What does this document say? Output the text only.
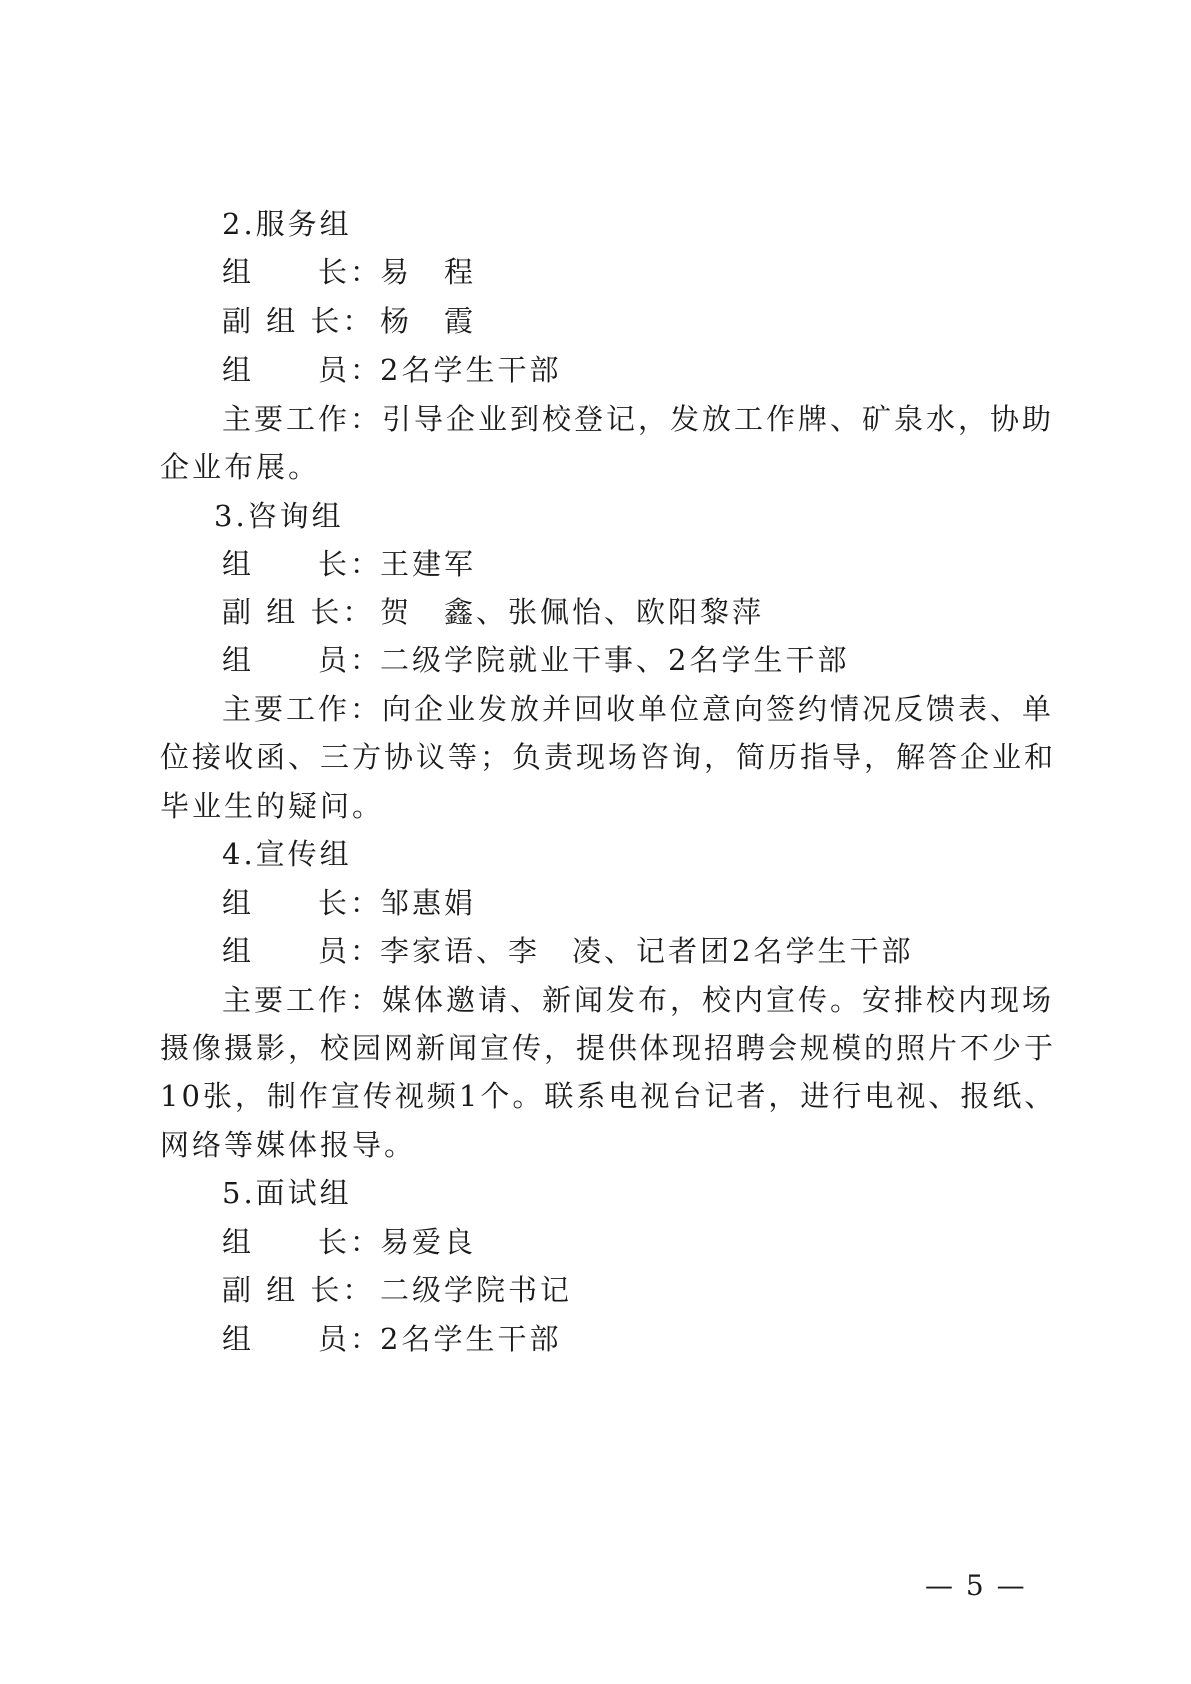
2.服务组
组　　长：易　程
副 组 长： 杨　霞
组　　员：2名学生干部
主要工作：引导企业到校登记，发放工作牌、矿泉水，协助
企业布展。
3.咨询组
组　　长：王建军
副 组 长： 贺　鑫、张佩怡、欧阳黎萍
组　　员：二级学院就业干事、2名学生干部
主要工作：向企业发放并回收单位意向签约情况反馈表、单
位接收函、三方协议等；负责现场咨询，简历指导，解答企业和
毕业生的疑问。
4.宣传组
组　　长：邹惠娟
组　　员：李家语、李　凌、记者团2名学生干部
主要工作：媒体邀请、新闻发布，校内宣传。安排校内现场
摄像摄影，校园网新闻宣传，提供体现招聘会规模的照片不少于
10张，制作宣传视频1个。联系电视台记者，进行电视、报纸、
网络等媒体报导。
5.面试组
组　　长：易爱良
副 组 长： 二级学院书记
组　　员：2名学生干部
— 5 —
